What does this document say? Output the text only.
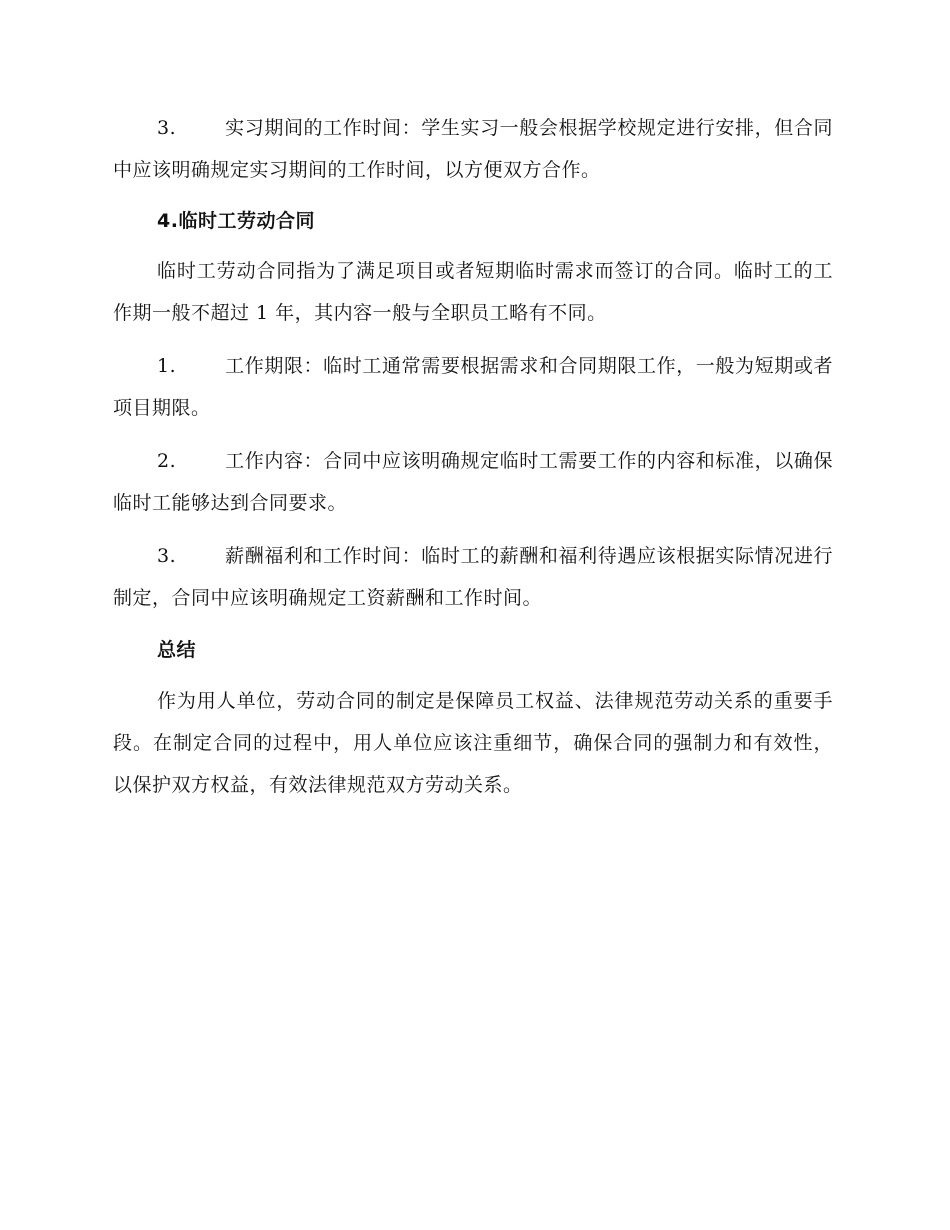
3.	实习期间的工作时间：学生实习一般会根据学校规定进行安排，但合同中应该明确规定实习期间的工作时间，以方便双方合作。
4.临时工劳动合同
临时工劳动合同指为了满足项目或者短期临时需求而签订的合同。临时工的工作期一般不超过 1 年，其内容一般与全职员工略有不同。
1.	工作期限：临时工通常需要根据需求和合同期限工作，一般为短期或者项目期限。
2.	工作内容：合同中应该明确规定临时工需要工作的内容和标准，以确保临时工能够达到合同要求。
3.	薪酬福利和工作时间：临时工的薪酬和福利待遇应该根据实际情况进行制定，合同中应该明确规定工资薪酬和工作时间。
总结
作为用人单位，劳动合同的制定是保障员工权益、法律规范劳动关系的重要手段。在制定合同的过程中，用人单位应该注重细节，确保合同的强制力和有效性，以保护双方权益，有效法律规范双方劳动关系。
